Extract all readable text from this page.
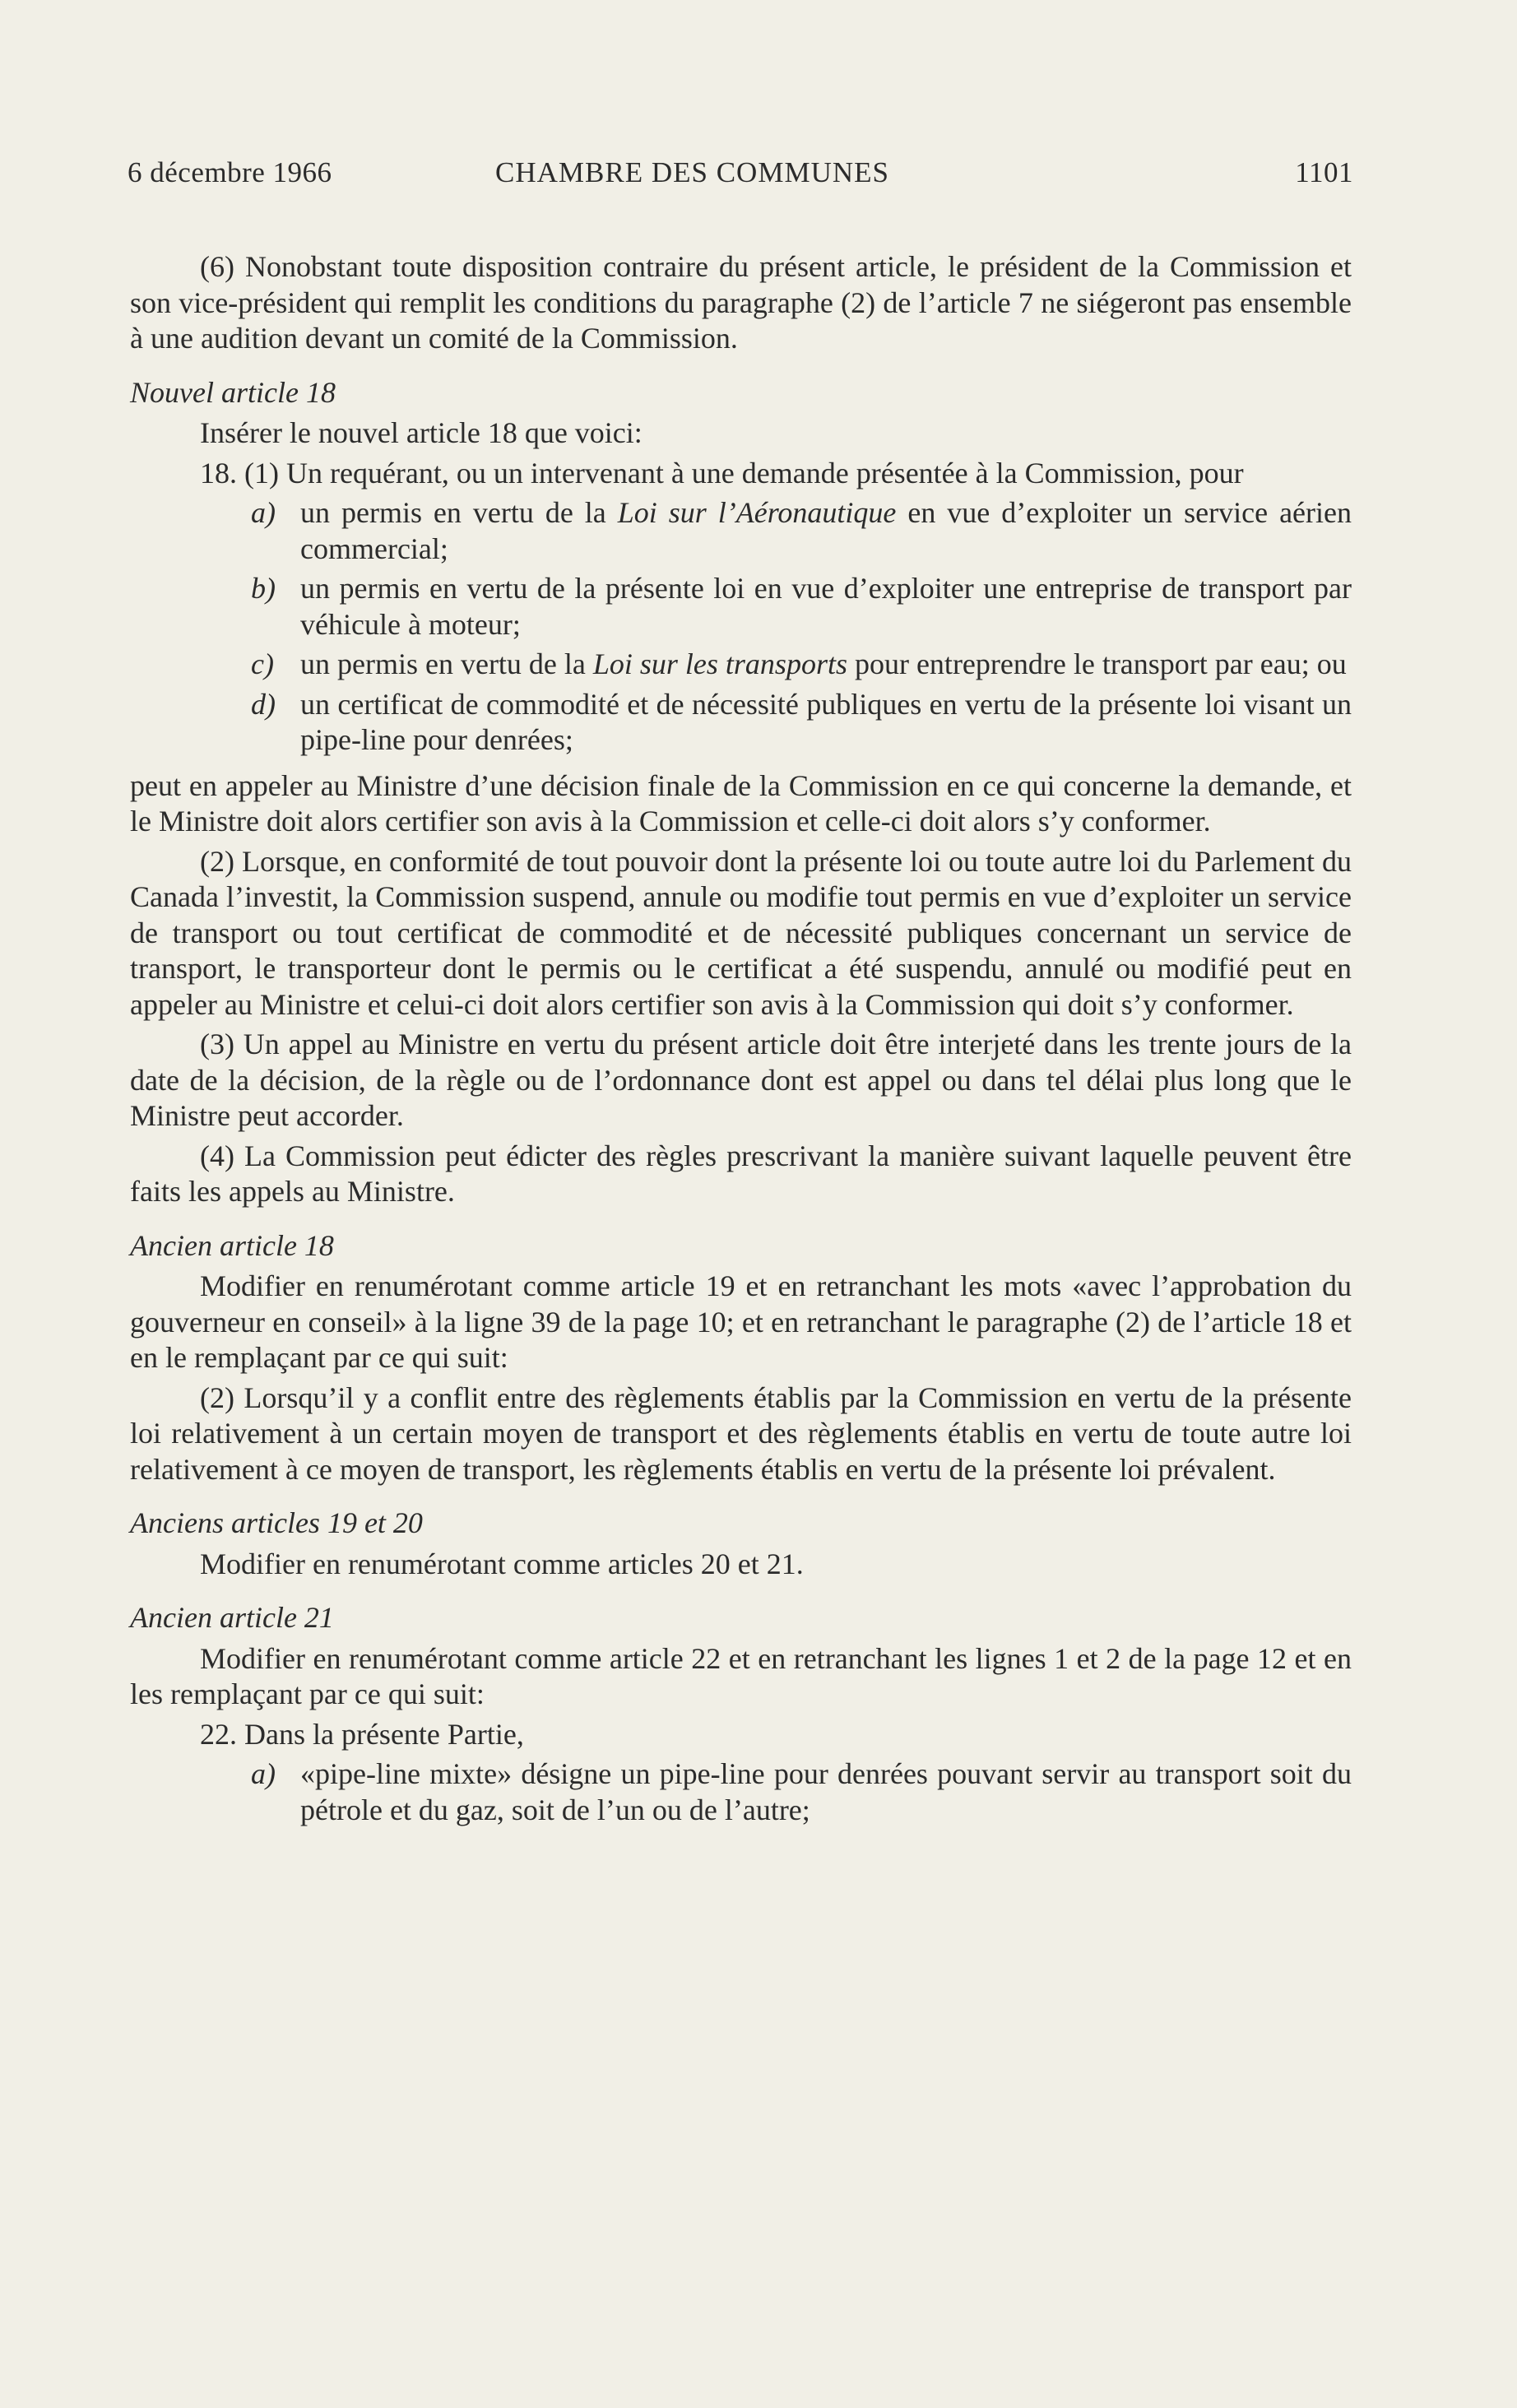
6 décembre 1966	CHAMBRE DES COMMUNES	1101

(6) Nonobstant toute disposition contraire du présent article, le président de la Commission et son vice-président qui remplit les conditions du paragraphe (2) de l’article 7 ne siégeront pas ensemble à une audition devant un comité de la Commission.

Nouvel article 18

Insérer le nouvel article 18 que voici:

18. (1) Un requérant, ou un intervenant à une demande présentée à la Commission, pour

a) un permis en vertu de la Loi sur l’Aéronautique en vue d’exploiter un service aérien commercial;
b) un permis en vertu de la présente loi en vue d’exploiter une entreprise de transport par véhicule à moteur;
c) un permis en vertu de la Loi sur les transports pour entreprendre le transport par eau; ou
d) un certificat de commodité et de nécessité publiques en vertu de la présente loi visant un pipe-line pour denrées;

peut en appeler au Ministre d’une décision finale de la Commission en ce qui concerne la demande, et le Ministre doit alors certifier son avis à la Commission et celle-ci doit alors s’y conformer.

(2) Lorsque, en conformité de tout pouvoir dont la présente loi ou toute autre loi du Parlement du Canada l’investit, la Commission suspend, annule ou modifie tout permis en vue d’exploiter un service de transport ou tout certificat de commodité et de nécessité publiques concernant un service de transport, le transporteur dont le permis ou le certificat a été suspendu, annulé ou modifié peut en appeler au Ministre et celui-ci doit alors certifier son avis à la Commission qui doit s’y conformer.

(3) Un appel au Ministre en vertu du présent article doit être interjeté dans les trente jours de la date de la décision, de la règle ou de l’ordonnance dont est appel ou dans tel délai plus long que le Ministre peut accorder.

(4) La Commission peut édicter des règles prescrivant la manière suivant laquelle peuvent être faits les appels au Ministre.

Ancien article 18

Modifier en renumérotant comme article 19 et en retranchant les mots «avec l’approbation du gouverneur en conseil» à la ligne 39 de la page 10; et en retranchant le paragraphe (2) de l’article 18 et en le remplaçant par ce qui suit:

(2) Lorsqu’il y a conflit entre des règlements établis par la Commission en vertu de la présente loi relativement à un certain moyen de transport et des règlements établis en vertu de toute autre loi relativement à ce moyen de transport, les règlements établis en vertu de la présente loi prévalent.

Anciens articles 19 et 20

Modifier en renumérotant comme articles 20 et 21.

Ancien article 21

Modifier en renumérotant comme article 22 et en retranchant les lignes 1 et 2 de la page 12 et en les remplaçant par ce qui suit:

22. Dans la présente Partie,

a) «pipe-line mixte» désigne un pipe-line pour denrées pouvant servir au transport soit du pétrole et du gaz, soit de l’un ou de l’autre;
